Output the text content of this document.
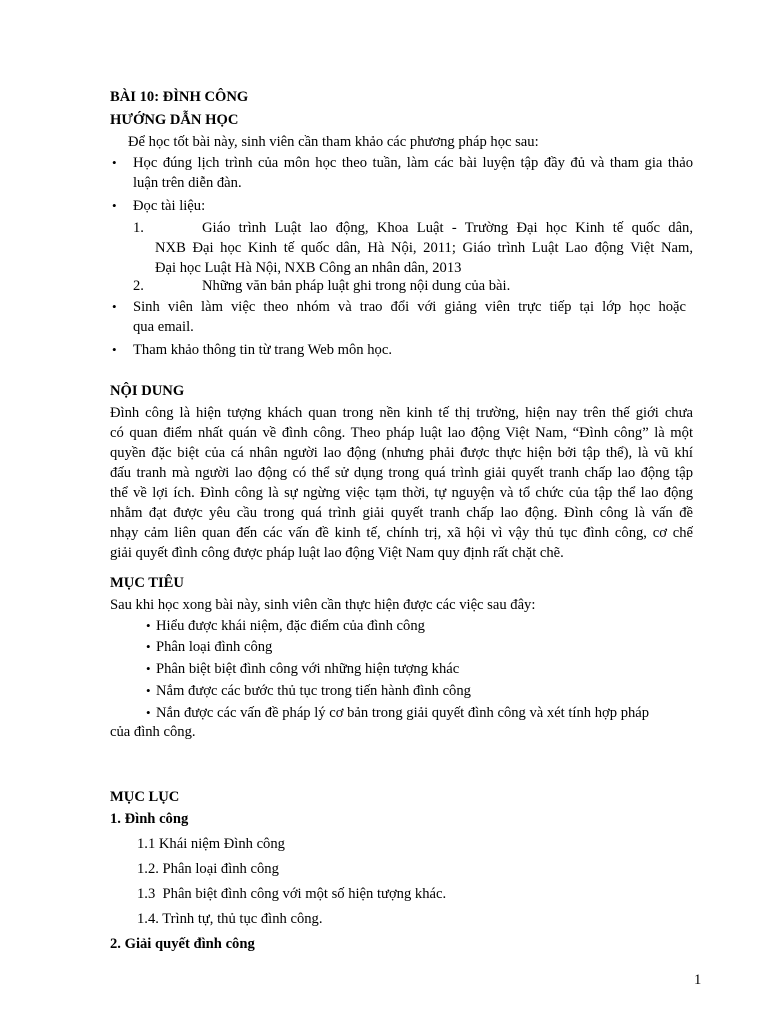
BÀI 10: ĐÌNH CÔNG
HƯỚNG DẪN HỌC
Để học tốt bài này, sinh viên cần tham khảo các phương pháp học sau:
• Học đúng lịch trình của môn học theo tuần, làm các bài luyện tập đầy đủ và tham gia thảo
luận trên diễn đàn.
• Đọc tài liệu:
1.	Giáo trình Luật lao động, Khoa Luật - Trường Đại học Kinh tế quốc dân,
NXB Đại học Kinh tế quốc dân, Hà Nội, 2011; Giáo trình Luật Lao động Việt Nam,
Đại học Luật Hà Nội, NXB Công an nhân dân, 2013
2.	Những văn bản pháp luật ghi trong nội dung của bài.
• Sinh viên làm việc theo nhóm và trao đổi với giảng viên trực tiếp tại lớp học hoặc
qua email.
• Tham khảo thông tin từ trang Web môn học.
NỘI DUNG
Đình công là hiện tượng khách quan trong nền kinh tế thị trường, hiện nay trên thế giới chưa
có quan điểm nhất quán về đình công. Theo pháp luật lao động Việt Nam, “Đình công” là một
quyền đặc biệt của cá nhân người lao động (nhưng phải được thực hiện bởi tập thể), là vũ khí
đấu tranh mà người lao động có thể sử dụng trong quá trình giải quyết tranh chấp lao động tập
thể về lợi ích. Đình công là sự ngừng việc tạm thời, tự nguyện và tổ chức của tập thể lao động
nhằm đạt được yêu cầu trong quá trình giải quyết tranh chấp lao động. Đình công là vấn đề
nhạy cảm liên quan đến các vấn đề kinh tế, chính trị, xã hội vì vậy thủ tục đình công, cơ chế
giải quyết đình công được pháp luật lao động Việt Nam quy định rất chặt chẽ.
MỤC TIÊU
Sau khi học xong bài này, sinh viên cần thực hiện được các việc sau đây:
• Hiểu được khái niệm, đặc điểm của đình công
• Phân loại đình công
• Phân biệt biệt đình công với những hiện tượng khác
• Nắm được các bước thủ tục trong tiến hành đình công
• Nắn được các vấn đề pháp lý cơ bản trong giải quyết đình công và xét tính hợp pháp
của đình công.
MỤC LỤC
1. Đình công
1.1 Khái niệm Đình công
1.2. Phân loại đình công
1.3  Phân biệt đình công với một số hiện tượng khác.
1.4. Trình tự, thủ tục đình công.
2. Giải quyết đình công
1
